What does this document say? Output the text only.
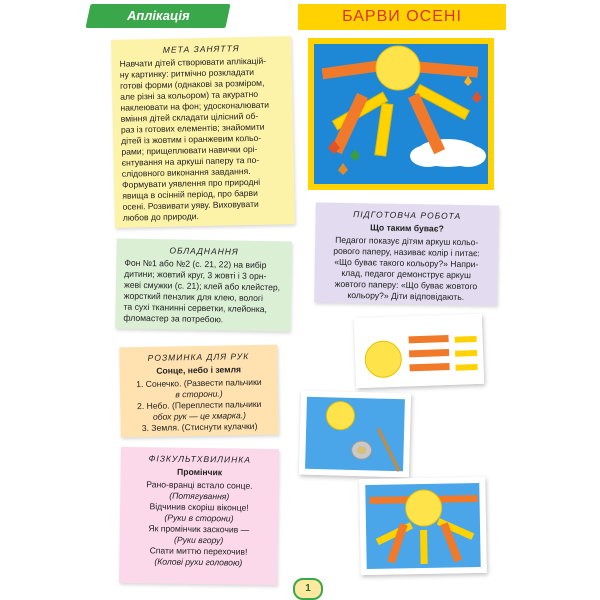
Аплікація	БАРВИ ОСЕНІ
МЕТА ЗАНЯТТЯ

Навчати дітей створювати аплікацій-

ну картинку: ритмічно розкладати

готові форми (однакові за розміром,

але різні за кольором) та акуратно

наклеювати на фон; удосконалювати

вміння дітей складати цілісний об-

раз із готових елементів; знайомити

дітей із жовтим і оранжевим кольо-

рами; прищеплювати навички орі-

єнтування на аркуші паперу та по-

слідовного виконання завдання.

Формувати уявлення про природні

явища в осінній період, про барви

осені. Розвивати уяву. Виховувати

любов до природи.

ОБЛАДНАННЯ

Фон №1 або №2 (с. 21, 22) на вибір

дитини; жовтий круг, 3 жовті і 3 орн-

жеві смужки (с. 21); клей або клейстер,

жорсткий пензлик для клею, вологі

та сухі тканинні серветки, клейонка,

фломастер за потребою.

РОЗМИНКА ДЛЯ РУК

Сонце, небо і земля

1. Сонечко. (Развести пальчики

в сторони.)

2. Небо. (Переплести пальчики

обох рук — це хмарка.)

3. Земля. (Стиснути кулачки)

ФІЗКУЛЬТХВИЛИНКА

Промінчик

Рано-вранці встало сонце.

(Потягування)

Відчинив скоріш віконце!

(Руки в сторони)

Як промінчик заскочив —

(Руки вгору)

Спати миттю перехочив!

(Колові рухи головою)

ПІДГОТОВЧА РОБОТА

Що таким буває?

Педагог показує дітям аркуш кольо-

рового паперу, називає колір і питає:

«Що буває такого кольору?» Напри-

клад, педагог демонструє аркуш

жовтого паперу: «Що буває жовтого

кольору?» Діти відповідають.

1
